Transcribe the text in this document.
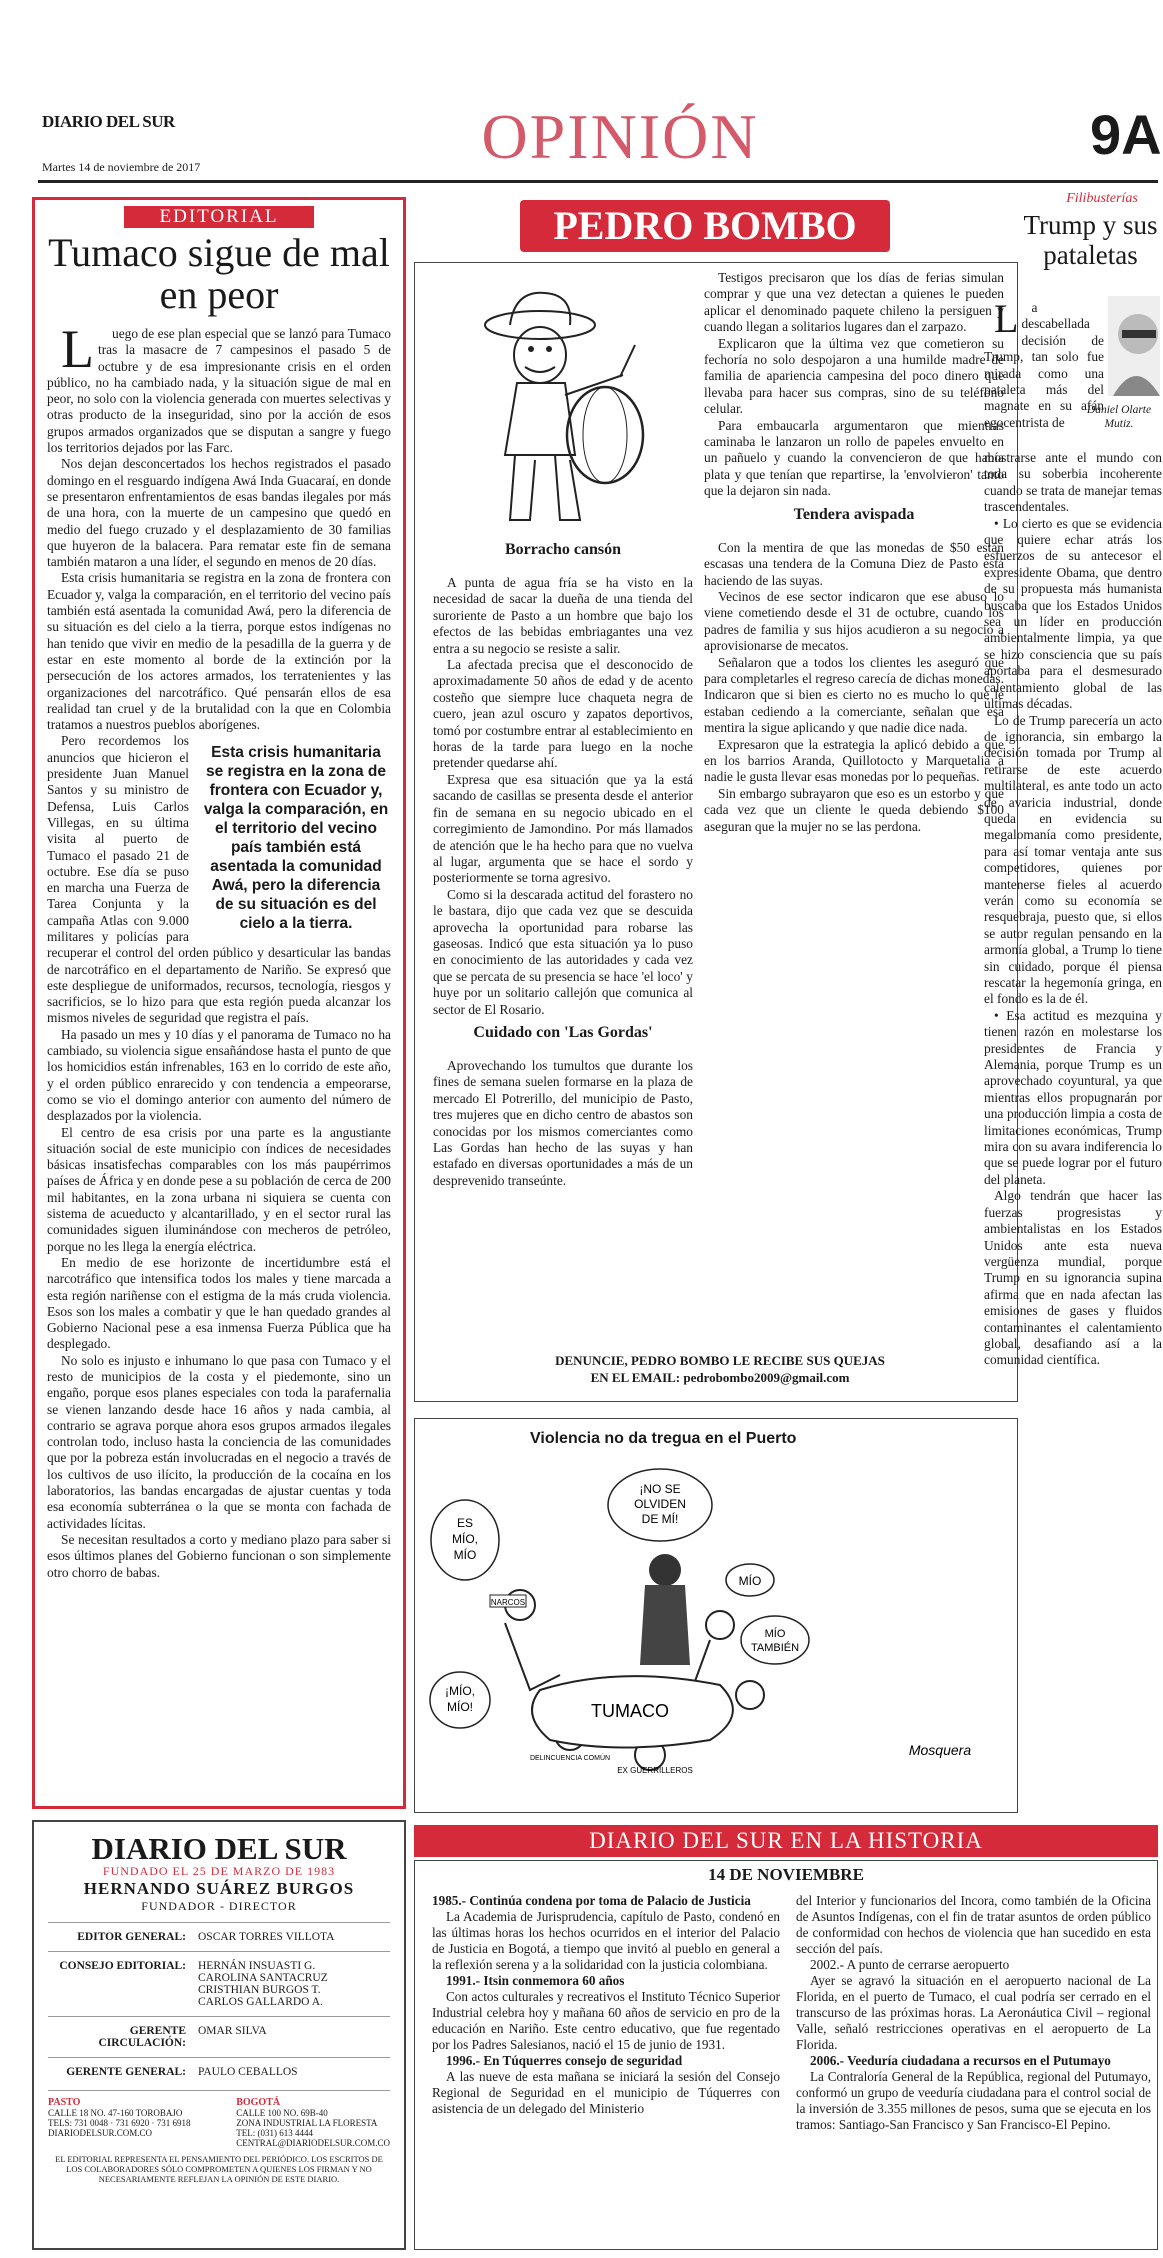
DIARIO DEL SUR
Martes 14 de noviembre de 2017	OPINIÓN	9A
EDITORIAL
Tumaco sigue de mal en peor

Luego de ese plan especial que se lanzó para Tumaco tras la masacre de 7 campesinos el pasado 5 de octubre y de esa impresionante crisis en el orden público, no ha cambiado nada, y la situación sigue de mal en peor, no solo con la violencia generada con muertes selectivas y otras producto de la inseguridad, sino por la acción de esos grupos armados organizados que se disputan a sangre y fuego los territorios dejados por las Farc.

Nos dejan desconcertados los hechos registrados el pasado domingo en el resguardo indígena Awá Inda Guacaraí, en donde se presentaron enfrentamientos de esas bandas ilegales por más de una hora, con la muerte de un campesino que quedó en medio del fuego cruzado y el desplazamiento de 30 familias que huyeron de la balacera. Para rematar este fin de semana también mataron a una líder, el segundo en menos de 20 días.

Esta crisis humanitaria se registra en la zona de frontera con Ecuador y, valga la comparación, en el territorio del vecino país también está asentada la comunidad Awá, pero la diferencia de su situación es del cielo a la tierra, porque estos indígenas no han tenido que vivir en medio de la pesadilla de la guerra y de estar en este momento al borde de la extinción por la persecución de los actores armados, los terratenientes y las organizaciones del narcotráfico. Qué pensarán ellos de esa realidad tan cruel y de la brutalidad con la que en Colombia tratamos a nuestros pueblos aborígenes.

Esta crisis humanitaria se registra en la zona de frontera con Ecuador y, valga la comparación, en el territorio del vecino país también está asentada la comunidad Awá, pero la diferencia de su situación es del cielo a la tierra.

Pero recordemos los anuncios que hicieron el presidente Juan Manuel Santos y su ministro de Defensa, Luis Carlos Villegas, en su última visita al puerto de Tumaco el pasado 21 de octubre. Ese día se puso en marcha una Fuerza de Tarea Conjunta y la campaña Atlas con 9.000 militares y policías para recuperar el control del orden público y desarticular las bandas de narcotráfico en el departamento de Nariño. Se expresó que este despliegue de uniformados, recursos, tecnología, riesgos y sacrificios, se lo hizo para que esta región pueda alcanzar los mismos niveles de seguridad que registra el país.

Ha pasado un mes y 10 días y el panorama de Tumaco no ha cambiado, su violencia sigue ensañándose hasta el punto de que los homicidios están infrenables, 163 en lo corrido de este año, y el orden público enrarecido y con tendencia a empeorarse, como se vio el domingo anterior con aumento del número de desplazados por la violencia.

El centro de esa crisis por una parte es la angustiante situación social de este municipio con índices de necesidades básicas insatisfechas comparables con los más paupérrimos países de África y en donde pese a su población de cerca de 200 mil habitantes, en la zona urbana ni siquiera se cuenta con sistema de acueducto y alcantarillado, y en el sector rural las comunidades siguen iluminándose con mecheros de petróleo, porque no les llega la energía eléctrica.

En medio de ese horizonte de incertidumbre está el narcotráfico que intensifica todos los males y tiene marcada a esta región nariñense con el estigma de la más cruda violencia. Esos son los males a combatir y que le han quedado grandes al Gobierno Nacional pese a esa inmensa Fuerza Pública que ha desplegado.

No solo es injusto e inhumano lo que pasa con Tumaco y el resto de municipios de la costa y el piedemonte, sino un engaño, porque esos planes especiales con toda la parafernalia se vienen lanzando desde hace 16 años y nada cambia, al contrario se agrava porque ahora esos grupos armados ilegales controlan todo, incluso hasta la conciencia de las comunidades que por la pobreza están involucradas en el negocio a través de los cultivos de uso ilícito, la producción de la cocaína en los laboratorios, las bandas encargadas de ajustar cuentas y toda esa economía subterránea o la que se monta con fachada de actividades lícitas.

Se necesitan resultados a corto y mediano plazo para saber si esos últimos planes del Gobierno funcionan o son simplemente otro chorro de babas.

PEDRO BOMBO
Borracho cansón

A punta de agua fría se ha visto en la necesidad de sacar la dueña de una tienda del suroriente de Pasto a un hombre que bajo los efectos de las bebidas embriagantes una vez entra a su negocio se resiste a salir.

La afectada precisa que el desconocido de aproximadamente 50 años de edad y de acento costeño que siempre luce chaqueta negra de cuero, jean azul oscuro y zapatos deportivos, tomó por costumbre entrar al establecimiento en horas de la tarde para luego en la noche pretender quedarse ahí.

Expresa que esa situación que ya la está sacando de casillas se presenta desde el anterior fin de semana en su negocio ubicado en el corregimiento de Jamondino. Por más llamados de atención que le ha hecho para que no vuelva al lugar, argumenta que se hace el sordo y posteriormente se torna agresivo.

Como si la descarada actitud del forastero no le bastara, dijo que cada vez que se descuida aprovecha la oportunidad para robarse las gaseosas. Indicó que esta situación ya lo puso en conocimiento de las autoridades y cada vez que se percata de su presencia se hace 'el loco' y huye por un solitario callejón que comunica al sector de El Rosario.

Cuidado con 'Las Gordas'

Aprovechando los tumultos que durante los fines de semana suelen formarse en la plaza de mercado El Potrerillo, del municipio de Pasto, tres mujeres que en dicho centro de abastos son conocidas por los mismos comerciantes como Las Gordas han hecho de las suyas y han estafado en diversas oportunidades a más de un desprevenido transeúnte.

Testigos precisaron que los días de ferias simulan comprar y que una vez detectan a quienes le pueden aplicar el denominado paquete chileno la persiguen y cuando llegan a solitarios lugares dan el zarpazo.

Explicaron que la última vez que cometieron su fechoría no solo despojaron a una humilde madre de familia de apariencia campesina del poco dinero que llevaba para hacer sus compras, sino de su teléfono celular.

Para embaucarla argumentaron que mientras caminaba le lanzaron un rollo de papeles envuelto en un pañuelo y cuando la convencieron de que había plata y que tenían que repartirse, la 'envolvieron' tanto que la dejaron sin nada.

Tendera avispada

Con la mentira de que las monedas de $50 están escasas una tendera de la Comuna Diez de Pasto está haciendo de las suyas.

Vecinos de ese sector indicaron que ese abuso lo viene cometiendo desde el 31 de octubre, cuando los padres de familia y sus hijos acudieron a su negocio a aprovisionarse de mecatos.

Señalaron que a todos los clientes les aseguró que para completarles el regreso carecía de dichas monedas. Indicaron que si bien es cierto no es mucho lo que le estaban cediendo a la comerciante, señalan que esa mentira la sigue aplicando y que nadie dice nada.

Expresaron que la estrategia la aplicó debido a que en los barrios Aranda, Quillotocto y Marquetalia a nadie le gusta llevar esas monedas por lo pequeñas.

Sin embargo subrayaron que eso es un estorbo y que cada vez que un cliente le queda debiendo $100 aseguran que la mujer no se las perdona.

DENUNCIE, PEDRO BOMBO LE RECIBE SUS QUEJAS
EN EL EMAIL: pedrobombo2009@gmail.com
Violencia no da tregua en el Puerto
¡NO SE
OLVIDEN
DE MÍ!
ES
MÍO,
MÍO
MÍO
MÍO
TAMBIÉN
¡MÍO,
MÍO!
NARCOS
TUMACO
EX GUERRILLEROS
DELINCUENCIA COMÚN
Mosquera
Filibusterías
Trump y sus pataletas
Daniel Olarte Mutiz.

La descabellada decisión de Trump, tan solo fue mirada como una pataleta más del magnate en su afán egocentrista de

mostrarse ante el mundo con toda su soberbia incoherente cuando se trata de manejar temas trascendentales.

• Lo cierto es que se evidencia que quiere echar atrás los esfuerzos de su antecesor el expresidente Obama, que dentro de su propuesta más humanista buscaba que los Estados Unidos sea un líder en producción ambientalmente limpia, ya que se hizo consciencia que su país aportaba para el desmesurado calentamiento global de las últimas décadas.

Lo de Trump parecería un acto de ignorancia, sin embargo la decisión tomada por Trump al retirarse de este acuerdo multilateral, es ante todo un acto de avaricia industrial, donde queda en evidencia su megalomanía como presidente, para así tomar ventaja ante sus competidores, quienes por mantenerse fieles al acuerdo verán como su economía se resquebraja, puesto que, si ellos se autor regulan pensando en la armonía global, a Trump lo tiene sin cuidado, porque él piensa rescatar la hegemonía gringa, en el fondo es la de él.

• Esa actitud es mezquina y tienen razón en molestarse los presidentes de Francia y Alemania, porque Trump es un aprovechado coyuntural, ya que mientras ellos propugnarán por una producción limpia a costa de limitaciones económicas, Trump mira con su avara indiferencia lo que se puede lograr por el futuro del planeta.

Algo tendrán que hacer las fuerzas progresistas y ambientalistas en los Estados Unidos ante esta nueva vergüenza mundial, porque Trump en su ignorancia supina afirma que en nada afectan las emisiones de gases y fluidos contaminantes el calentamiento global, desafiando así a la comunidad científica.

DIARIO DEL SUR EN LA HISTORIA
14 DE NOVIEMBRE
1985.- Continúa condena por toma de Palacio de Justicia

La Academia de Jurisprudencia, capítulo de Pasto, condenó en las últimas horas los hechos ocurridos en el interior del Palacio de Justicia en Bogotá, a tiempo que invitó al pueblo en general a la reflexión serena y a la solidaridad con la justicia colombiana.

1991.- Itsin conmemora 60 años

Con actos culturales y recreativos el Instituto Técnico Superior Industrial celebra hoy y mañana 60 años de servicio en pro de la educación en Nariño. Este centro educativo, que fue regentado por los Padres Salesianos, nació el 15 de junio de 1931.

1996.- En Túquerres consejo de seguridad

A las nueve de esta mañana se iniciará la sesión del Consejo Regional de Seguridad en el municipio de Túquerres con asistencia de un delegado del Ministerio

del Interior y funcionarios del Incora, como también de la Oficina de Asuntos Indígenas, con el fin de tratar asuntos de orden público de conformidad con hechos de violencia que han sucedido en esta sección del país.

2002.- A punto de cerrarse aeropuerto

Ayer se agravó la situación en el aeropuerto nacional de La Florida, en el puerto de Tumaco, el cual podría ser cerrado en el transcurso de las próximas horas. La Aeronáutica Civil – regional Valle, señaló restricciones operativas en el aeropuerto de La Florida.

2006.- Veeduría ciudadana a recursos en el Putumayo

La Contraloría General de la República, regional del Putumayo, conformó un grupo de veeduría ciudadana para el control social de la inversión de 3.355 millones de pesos, suma que se ejecuta en los tramos: Santiago-San Francisco y San Francisco-El Pepino.

DIARIO DEL SUR
FUNDADO EL 25 DE MARZO DE 1983
HERNANDO SUÁREZ BURGOS
FUNDADOR - DIRECTOR
EDITOR GENERAL:	OSCAR TORRES VILLOTA
CONSEJO EDITORIAL:	HERNÁN INSUASTI G.
CAROLINA SANTACRUZ
CRISTHIAN BURGOS T.
CARLOS GALLARDO A.
GERENTE CIRCULACIÓN:
OMAR SILVA
GERENTE GENERAL:	PAULO CEBALLOS
PASTO
CALLE 18 NO. 47-160 TOROBAJO
TELS: 731 0048 · 731 6920 · 731 6918
DIARIODELSUR.COM.CO
BOGOTÁ
CALLE 100 NO. 69B-40
ZONA INDUSTRIAL LA FLORESTA
TEL: (031) 613 4444
CENTRAL@DIARIODELSUR.COM.CO
EL EDITORIAL REPRESENTA EL PENSAMIENTO DEL PERIÓDICO. LOS ESCRITOS DE LOS COLABORADORES SÓLO COMPROMETEN A QUIENES LOS FIRMAN Y NO NECESARIAMENTE REFLEJAN LA OPINIÓN DE ESTE DIARIO.
